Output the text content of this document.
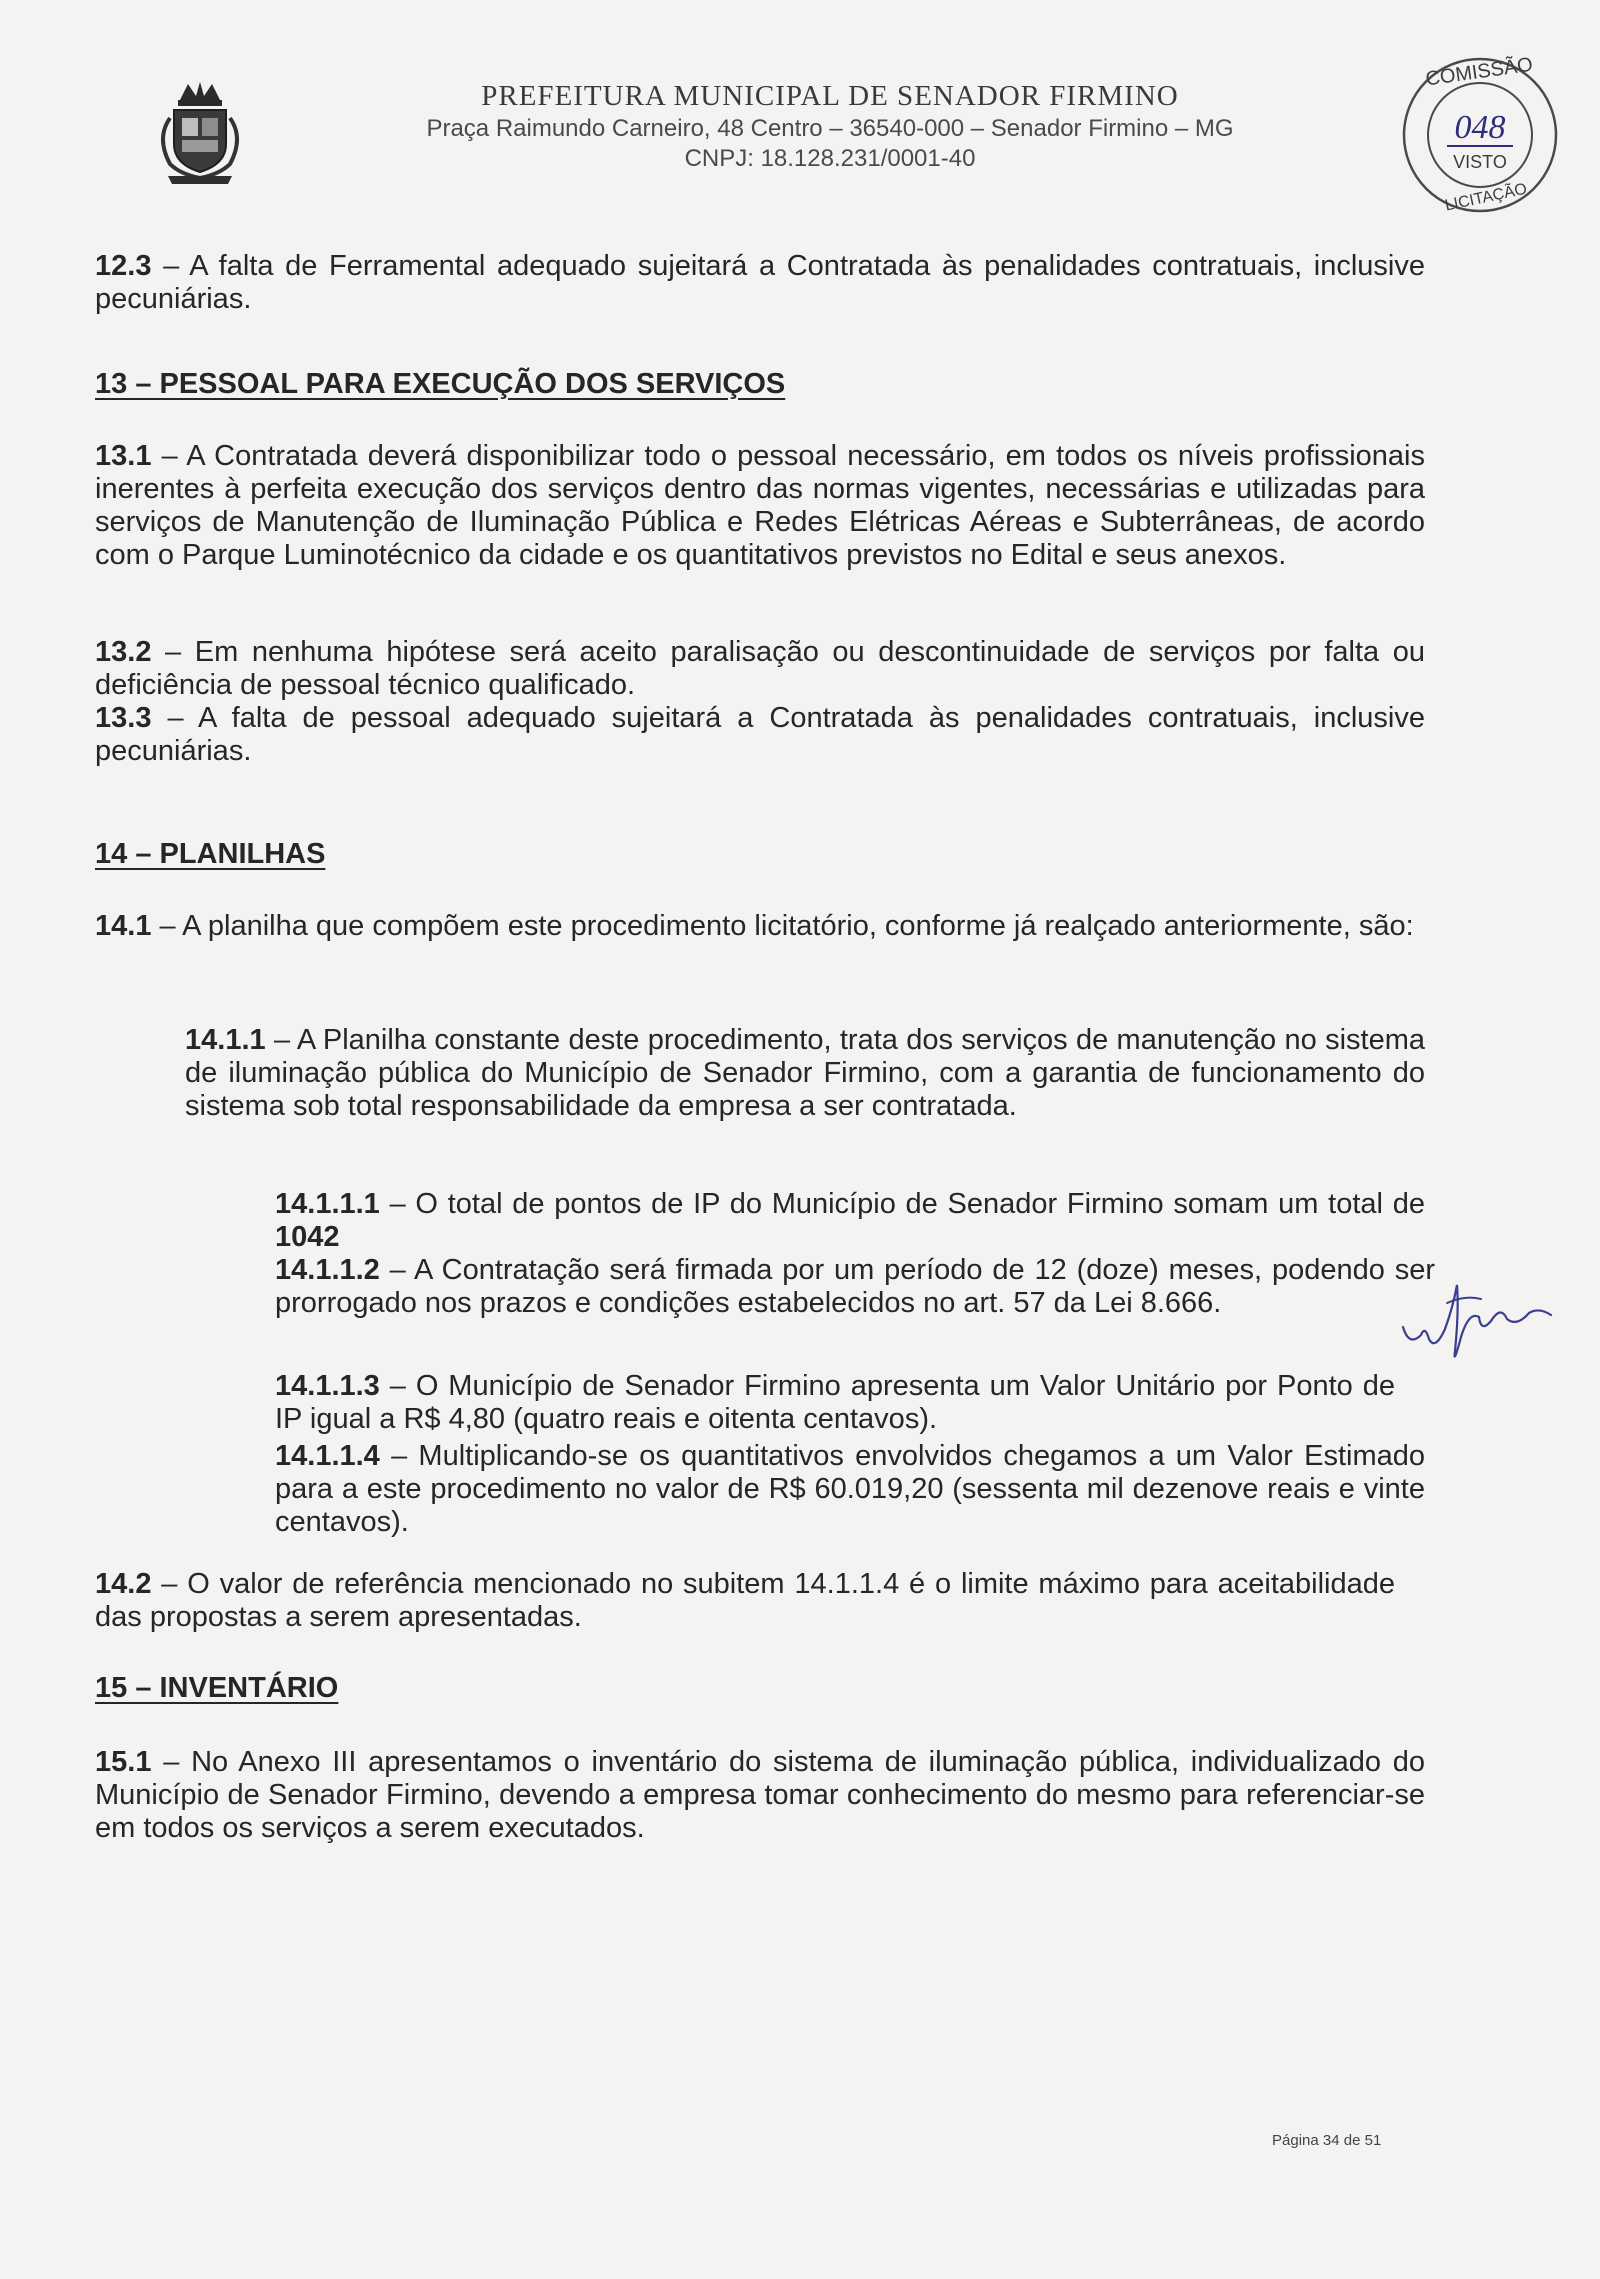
PREFEITURA MUNICIPAL DE SENADOR FIRMINO
Praça Raimundo Carneiro, 48 Centro – 36540-000 – Senador Firmino – MG
CNPJ: 18.128.231/0001-40
COMISSÃO
048
VISTO
LICITAÇÃO
12.3 – A falta de Ferramental adequado sujeitará a Contratada às penalidades contratuais, inclusive pecuniárias.
13 – PESSOAL PARA EXECUÇÃO DOS SERVIÇOS
13.1 – A Contratada deverá disponibilizar todo o pessoal necessário, em todos os níveis profissionais inerentes à perfeita execução dos serviços dentro das normas vigentes, necessárias e utilizadas para serviços de Manutenção de Iluminação Pública e Redes Elétricas Aéreas e Subterrâneas, de acordo com o Parque Luminotécnico da cidade e os quantitativos previstos no Edital e seus anexos.
13.2 – Em nenhuma hipótese será aceito paralisação ou descontinuidade de serviços por falta ou deficiência de pessoal técnico qualificado.
13.3 – A falta de pessoal adequado sujeitará a Contratada às penalidades contratuais, inclusive pecuniárias.
14 – PLANILHAS
14.1 – A planilha que compõem este procedimento licitatório, conforme já realçado anteriormente, são:
14.1.1 – A Planilha constante deste procedimento, trata dos serviços de manutenção no sistema de iluminação pública do Município de Senador Firmino, com a garantia de funcionamento do sistema sob total responsabilidade da empresa a ser contratada.
14.1.1.1 – O total de pontos de IP do Município de Senador Firmino somam um total de 1042
14.1.1.2 – A Contratação será firmada por um período de 12 (doze) meses, podendo ser prorrogado nos prazos e condições estabelecidos no art. 57 da Lei 8.666.
14.1.1.3 – O Município de Senador Firmino apresenta um Valor Unitário por Ponto de IP igual a R$ 4,80 (quatro reais e oitenta centavos).
14.1.1.4 – Multiplicando-se os quantitativos envolvidos chegamos a um Valor Estimado para a este procedimento no valor de R$ 60.019,20 (sessenta mil dezenove reais e vinte centavos).
14.2 – O valor de referência mencionado no subitem 14.1.1.4 é o limite máximo para aceitabilidade das propostas a serem apresentadas.
15 – INVENTÁRIO
15.1 – No Anexo III apresentamos o inventário do sistema de iluminação pública, individualizado do Município de Senador Firmino, devendo a empresa tomar conhecimento do mesmo para referenciar-se em todos os serviços a serem executados.
Página 34 de 51
